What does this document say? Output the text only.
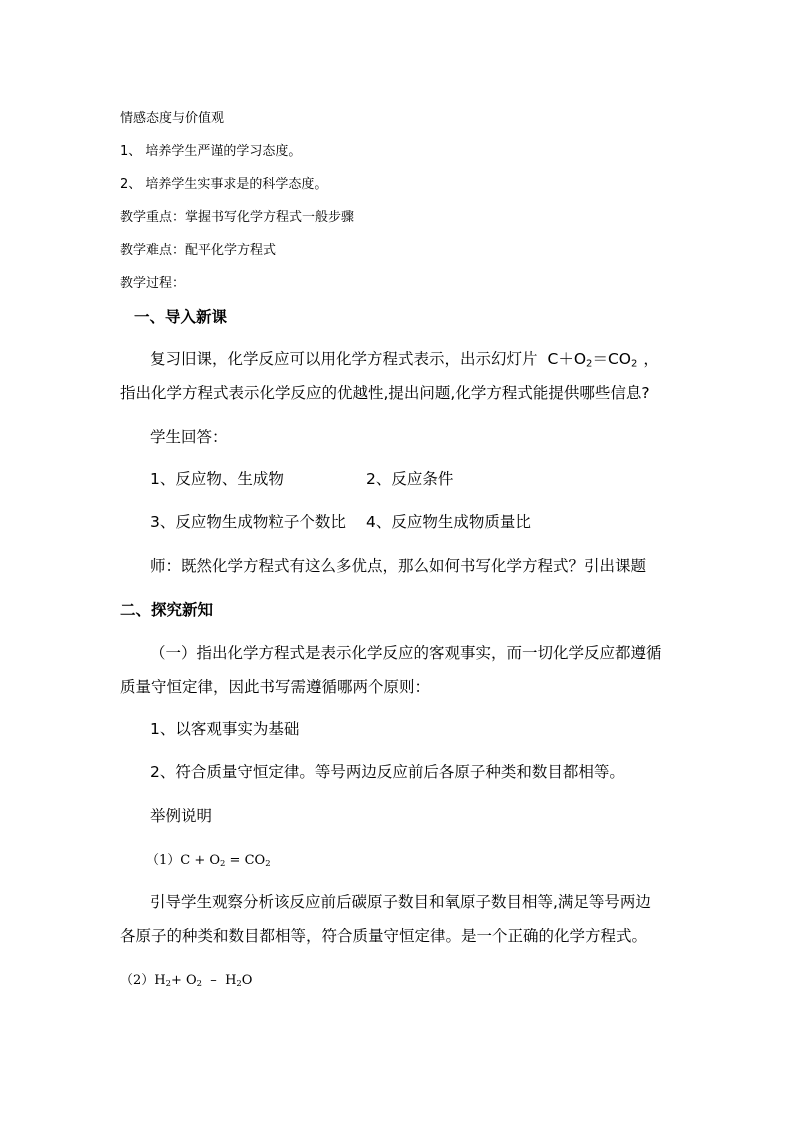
情感态度与价值观
1、 培养学生严谨的学习态度。
2、 培养学生实事求是的科学态度。
教学重点：掌握书写化学方程式一般步骤
教学难点：配平化学方程式
教学过程：
一、导入新课
复习旧课，化学反应可以用化学方程式表示，出示幻灯片 $C+O_2=CO_2$ ，
指出化学方程式表示化学反应的优越性,提出问题,化学方程式能提供哪些信息?
学生回答：
1、反应物、生成物	2、反应条件
3、反应物生成物粒子个数比 4、反应物生成物质量比
师：既然化学方程式有这么多优点，那么如何书写化学方程式？引出课题
二、探究新知
（一）指出化学方程式是表示化学反应的客观事实，而一切化学反应都遵循
质量守恒定律，因此书写需遵循哪两个原则：
1、以客观事实为基础
2、符合质量守恒定律。等号两边反应前后各原子种类和数目都相等。
举例说明
$(1)C + O_2 = CO_2$
引导学生观察分析该反应前后碳原子数目和氧原子数目相等,满足等号两边
各原子的种类和数目都相等，符合质量守恒定律。是一个正确的化学方程式。
$(2)H_2+ O_2 - H_2O$
